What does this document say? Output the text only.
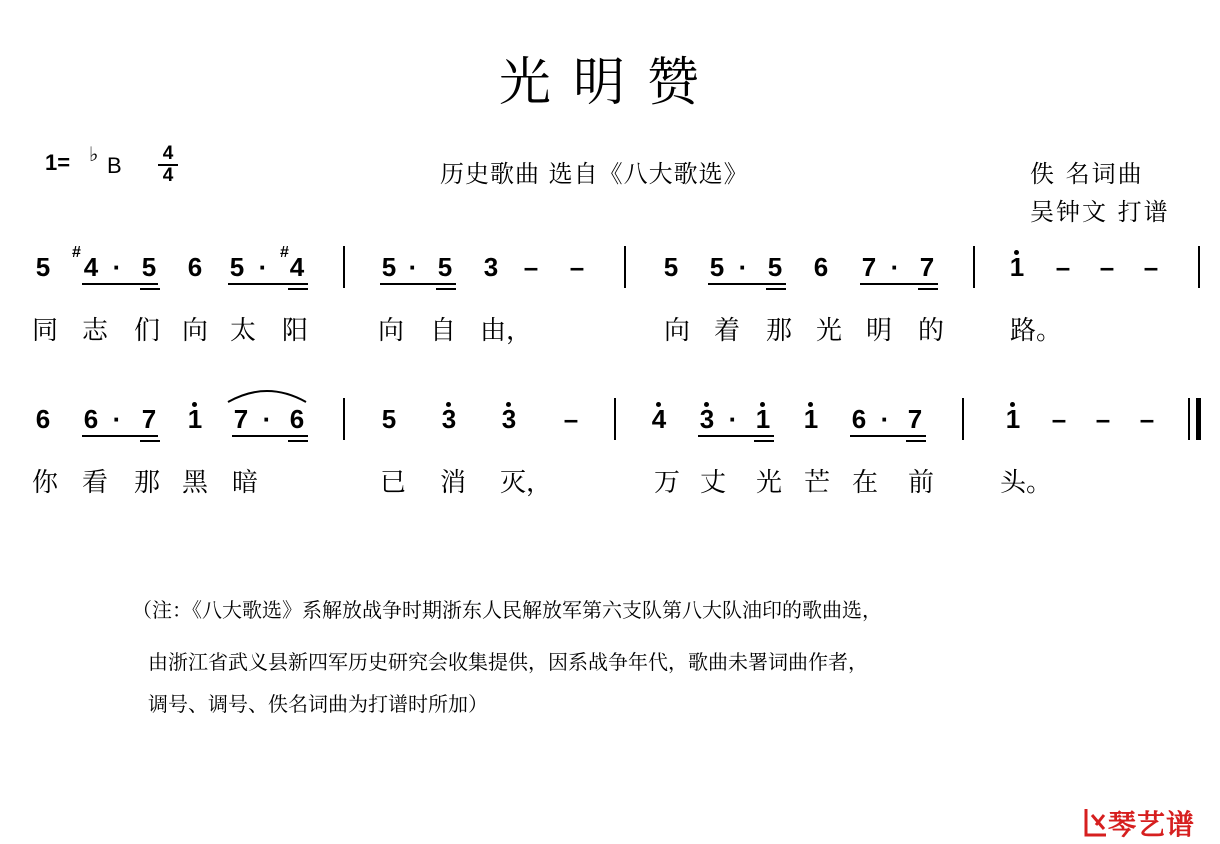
光明赞
1= ♭ B 4
4	历史歌曲 选自《八大歌选》	佚 名词曲
吴钟文 打谱
5 # 4 · 5 6 5 · # 4	5 · 5 3 – –	5 5 · 5 6 7 · 7	1 – – –
同 志 们 向 太 阳	向 自 由，	向 着 那 光 明 的	路。
6 6 · 7 1 7 · 6	5 3 3 –	4 3 · 1 1 6 · 7	1 – – –
你 看 那 黑 暗	已 消 灭，	万 丈 光 芒 在 前	头。
（注：《八大歌选》系解放战争时期浙东人民解放军第六支队第八大队油印的歌曲选，
由浙江省武义县新四军历史研究会收集提供，因系战争年代，歌曲未署词曲作者，
调号、调号、佚名词曲为打谱时所加）
琴艺谱
